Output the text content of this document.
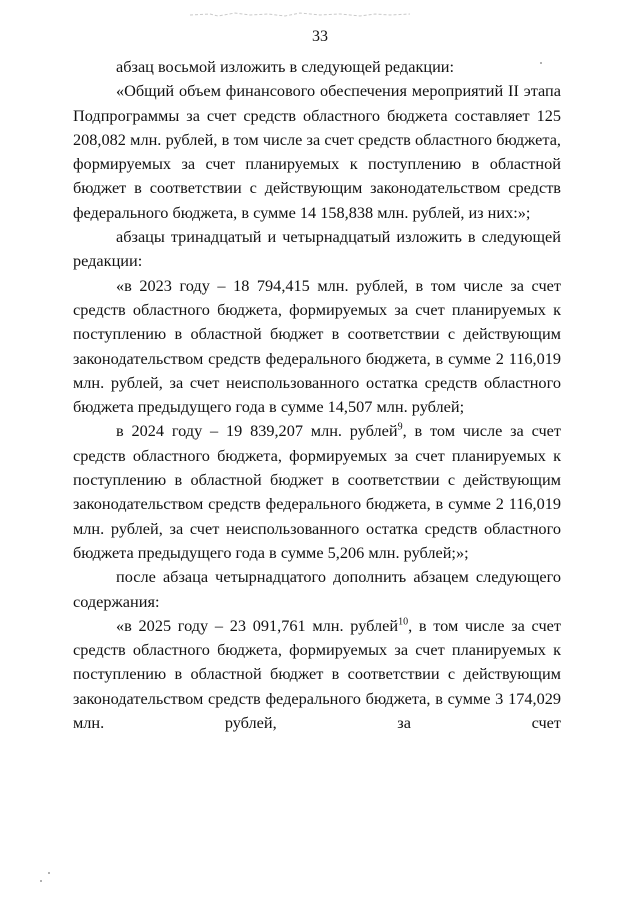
33

абзац восьмой изложить в следующей редакции:

«Общий объем финансового обеспечения мероприятий II этапа Подпрограммы за счет средств областного бюджета составляет 125 208,082 млн. рублей, в том числе за счет средств областного бюджета, формируемых за счет планируемых к поступлению в областной бюджет в соответствии с действующим законодательством средств федерального бюджета, в сумме 14 158,838 млн. рублей, из них:»;

абзацы тринадцатый и четырнадцатый изложить в следующей редакции:

«в 2023 году – 18 794,415 млн. рублей, в том числе за счет средств областного бюджета, формируемых за счет планируемых к поступлению в областной бюджет в соответствии с действующим законодательством средств федерального бюджета, в сумме 2 116,019 млн. рублей, за счет неиспользованного остатка средств областного бюджета предыдущего года в сумме 14,507 млн. рублей;

в 2024 году – 19 839,207 млн. рублей$^9$, в том числе за счет средств областного бюджета, формируемых за счет планируемых к поступлению в областной бюджет в соответствии с действующим законодательством средств федерального бюджета, в сумме 2 116,019 млн. рублей, за счет неиспользованного остатка средств областного бюджета предыдущего года в сумме 5,206 млн. рублей;»;

после абзаца четырнадцатого дополнить абзацем следующего содержания:

«в 2025 году – 23 091,761 млн. рублей$^{10}$, в том числе за счет средств областного бюджета, формируемых за счет планируемых к поступлению в областной бюджет в соответствии с действующим законодательством средств федерального бюджета, в сумме 3 174,029 млн. рублей, за счет
